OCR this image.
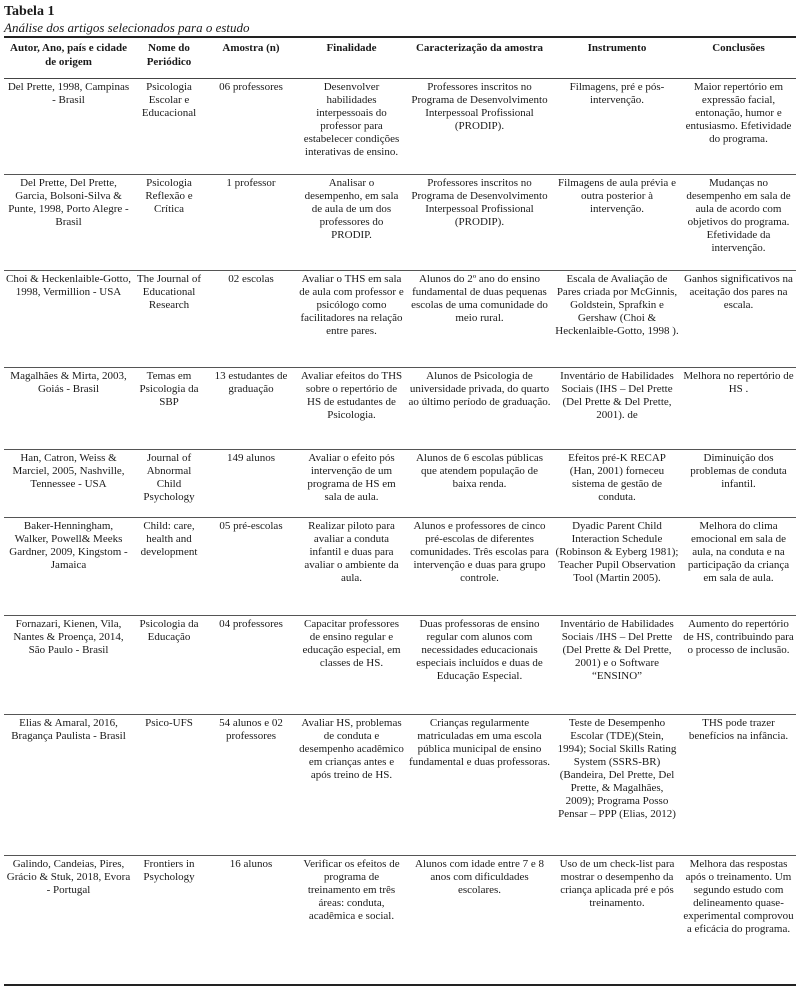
Tabela 1
Análise dos artigos selecionados para o estudo
Autor, Ano, país e cidade de origem	Nome do Periódico	Amostra (n)	Finalidade	Caracterização da amostra	Instrumento	Conclusões
Del Prette, 1998, Campinas - Brasil	Psicologia Escolar e Educacional	06 professores	Desenvolver habilidades interpessoais do professor para estabelecer condições interativas de ensino.	Professores inscritos no Programa de Desenvolvimento Interpessoal Profissional (PRODIP).	Filmagens, pré e pós-intervenção.	Maior repertório em expressão facial, entonação, humor e entusiasmo. Efetividade do programa.
Del Prette, Del Prette, Garcia, Bolsoni-Silva & Punte, 1998, Porto Alegre - Brasil	Psicologia Reflexão e Crítica	1 professor	Analisar o desempenho, em sala de aula de um dos professores do PRODIP.	Professores inscritos no Programa de Desenvolvimento Interpessoal Profissional (PRODIP).	Filmagens de aula prévia e outra posterior à intervenção.	Mudanças no desempenho em sala de aula de acordo com objetivos do programa. Efetividade da intervenção.
Choi & Heckenlaible-Gotto, 1998, Vermillion - USA	The Journal of Educational Research	02 escolas	Avaliar o THS em sala de aula com professor e psicólogo como facilitadores na relação entre pares.	Alunos do 2º ano do ensino fundamental de duas pequenas escolas de uma comunidade do meio rural.	Escala de Avaliação de Pares criada por McGinnis, Goldstein, Sprafkin e Gershaw (Choi & Heckenlaible-Gotto, 1998 ).	Ganhos significativos na aceitação dos pares na escala.
Magalhães & Mirta, 2003, Goiás - Brasil	Temas em Psicologia da SBP	13 estudantes de graduação	Avaliar efeitos do THS sobre o repertório de HS de estudantes de Psicologia.	Alunos de Psicologia de universidade privada, do quarto ao último período de graduação.	Inventário de Habilidades Sociais (IHS – Del Prette (Del Prette & Del Prette, 2001). de	Melhora no repertório de HS .
Han, Catron, Weiss & Marciel, 2005, Nashville, Tennessee - USA	Journal of Abnormal Child Psychology	149 alunos	Avaliar o efeito pós intervenção de um programa de HS em sala de aula.	Alunos de 6 escolas públicas que atendem população de baixa renda.	Efeitos pré-K RECAP (Han, 2001) forneceu sistema de gestão de conduta.	Diminuição dos problemas de conduta infantil.
Baker-Henningham, Walker, Powell& Meeks Gardner, 2009, Kingstom - Jamaica	Child: care, health and development	05 pré-escolas	Realizar piloto para avaliar a conduta infantil e duas para avaliar o ambiente da aula.	Alunos e professores de cinco pré-escolas de diferentes comunidades. Três escolas para intervenção e duas para grupo controle.	Dyadic Parent Child Interaction Schedule (Robinson & Eyberg 1981); Teacher Pupil Observation Tool (Martin 2005).	Melhora do clima emocional em sala de aula, na conduta e na participação da criança em sala de aula.
Fornazari, Kienen, Vila, Nantes & Proença, 2014, São Paulo - Brasil	Psicologia da Educação	04 professores	Capacitar professores de ensino regular e educação especial, em classes de HS.	Duas professoras de ensino regular com alunos com necessidades educacionais especiais incluídos e duas de Educação Especial.	Inventário de Habilidades Sociais /IHS – Del Prette (Del Prette & Del Prette, 2001) e o Software “ENSINO”	Aumento do repertório de HS, contribuindo para o processo de inclusão.
Elias & Amaral, 2016, Bragança Paulista - Brasil	Psico-UFS	54 alunos e 02 professores	Avaliar HS, problemas de conduta e desempenho acadêmico em crianças antes e após treino de HS.	Crianças regularmente matriculadas em uma escola pública municipal de ensino fundamental e duas professoras.	Teste de Desempenho Escolar (TDE)(Stein, 1994); Social Skills Rating System (SSRS-BR) (Bandeira, Del Prette, Del Prette, & Magalhães, 2009); Programa Posso Pensar – PPP (Elias, 2012)	THS pode trazer benefícios na infância.
Galindo, Candeias, Pires, Grácio & Stuk, 2018, Evora - Portugal	Frontiers in Psychology	16 alunos	Verificar os efeitos de programa de treinamento em três áreas: conduta, acadêmica e social.	Alunos com idade entre 7 e 8 anos com dificuldades escolares.	Uso de um check-list para mostrar o desempenho da criança aplicada pré e pós treinamento.	Melhora das respostas após o treinamento. Um segundo estudo com delineamento quase-experimental comprovou a eficácia do programa.
